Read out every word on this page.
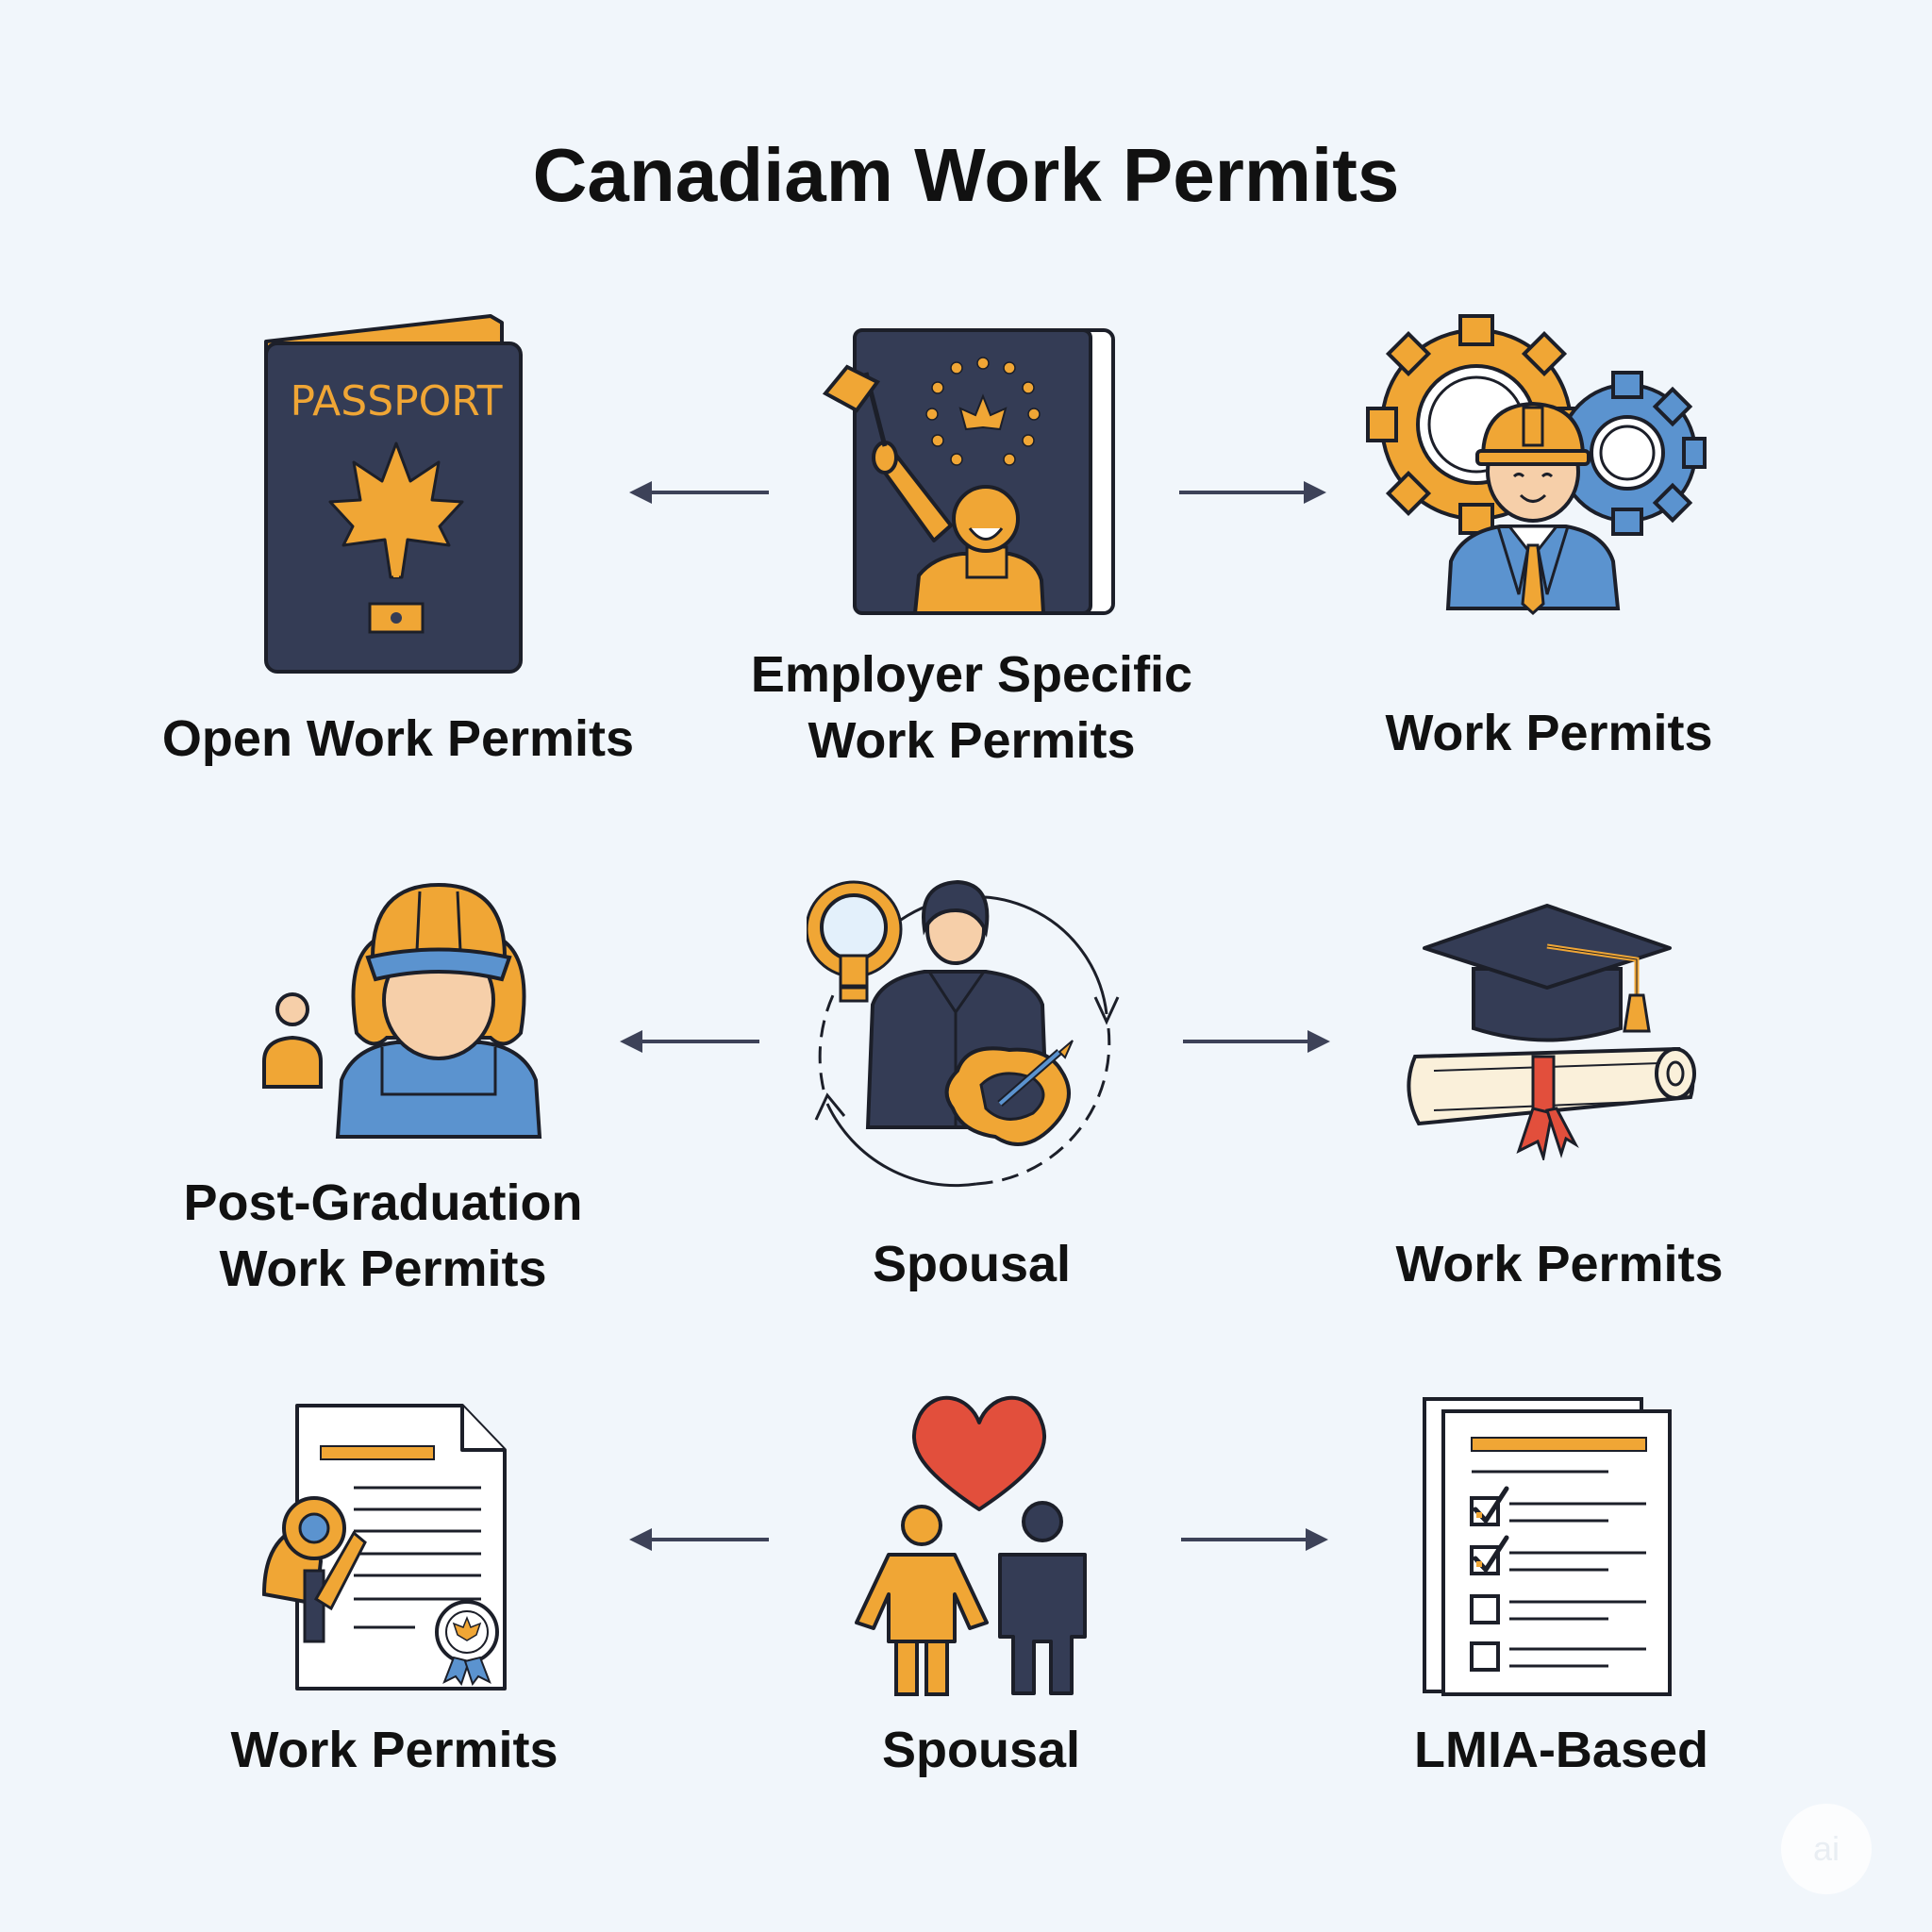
Canadiam Work Permits
PASSPORT
Open Work Permits
Employer Specific
Work Permits	Work Permits
Post-Graduation
Work Permits	Spousal	Work Permits
Work Permits	Spousal	LMIA-Based
ai
